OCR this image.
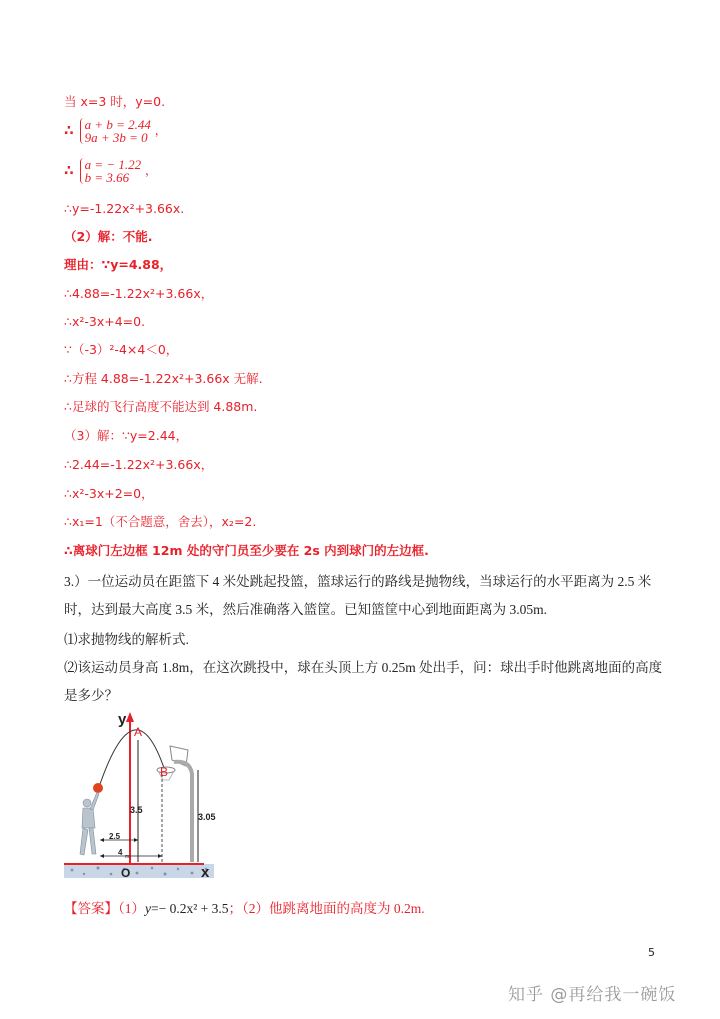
当 x=3 时，y=0.
∴ a + b = 2.44
9a + 3b = 0 ，
∴ a = − 1.22
b = 3.66	，
∴y=-1.22x²+3.66x.
（2）解：不能.
理由：∵y=4.88，
∴4.88=-1.22x²+3.66x，
∴x²-3x+4=0.
∵（-3）²-4×4＜0，
∴方程 4.88=-1.22x²+3.66x 无解.
∴足球的飞行高度不能达到 4.88m.
（3）解：∵y=2.44，
∴2.44=-1.22x²+3.66x，
∴x²-3x+2=0，
∴x₁=1（不合题意，舍去），x₂=2.
∴离球门左边框 12m 处的守门员至少要在 2s 内到球门的左边框.
3.）一位运动员在距篮下 4 米处跳起投篮，篮球运行的路线是抛物线，当球运行的水平距离为 2.5 米时，达到最大高度 3.5 米，然后准确落入篮筐。已知篮筐中心到地面距离为 3.05m.
⑴求抛物线的解析式.
⑵该运动员身高 1.8m，在这次跳投中，球在头顶上方 0.25m 处出手，问：球出手时他跳离地面的高度是多少？
x
y
O
A
3.5
B
3.05
2.5
4 m
【答案】（1）y=− 0.2x² + 3.5；（2）他跳离地面的高度为 0.2m.
5
知乎 @再给我一碗饭
